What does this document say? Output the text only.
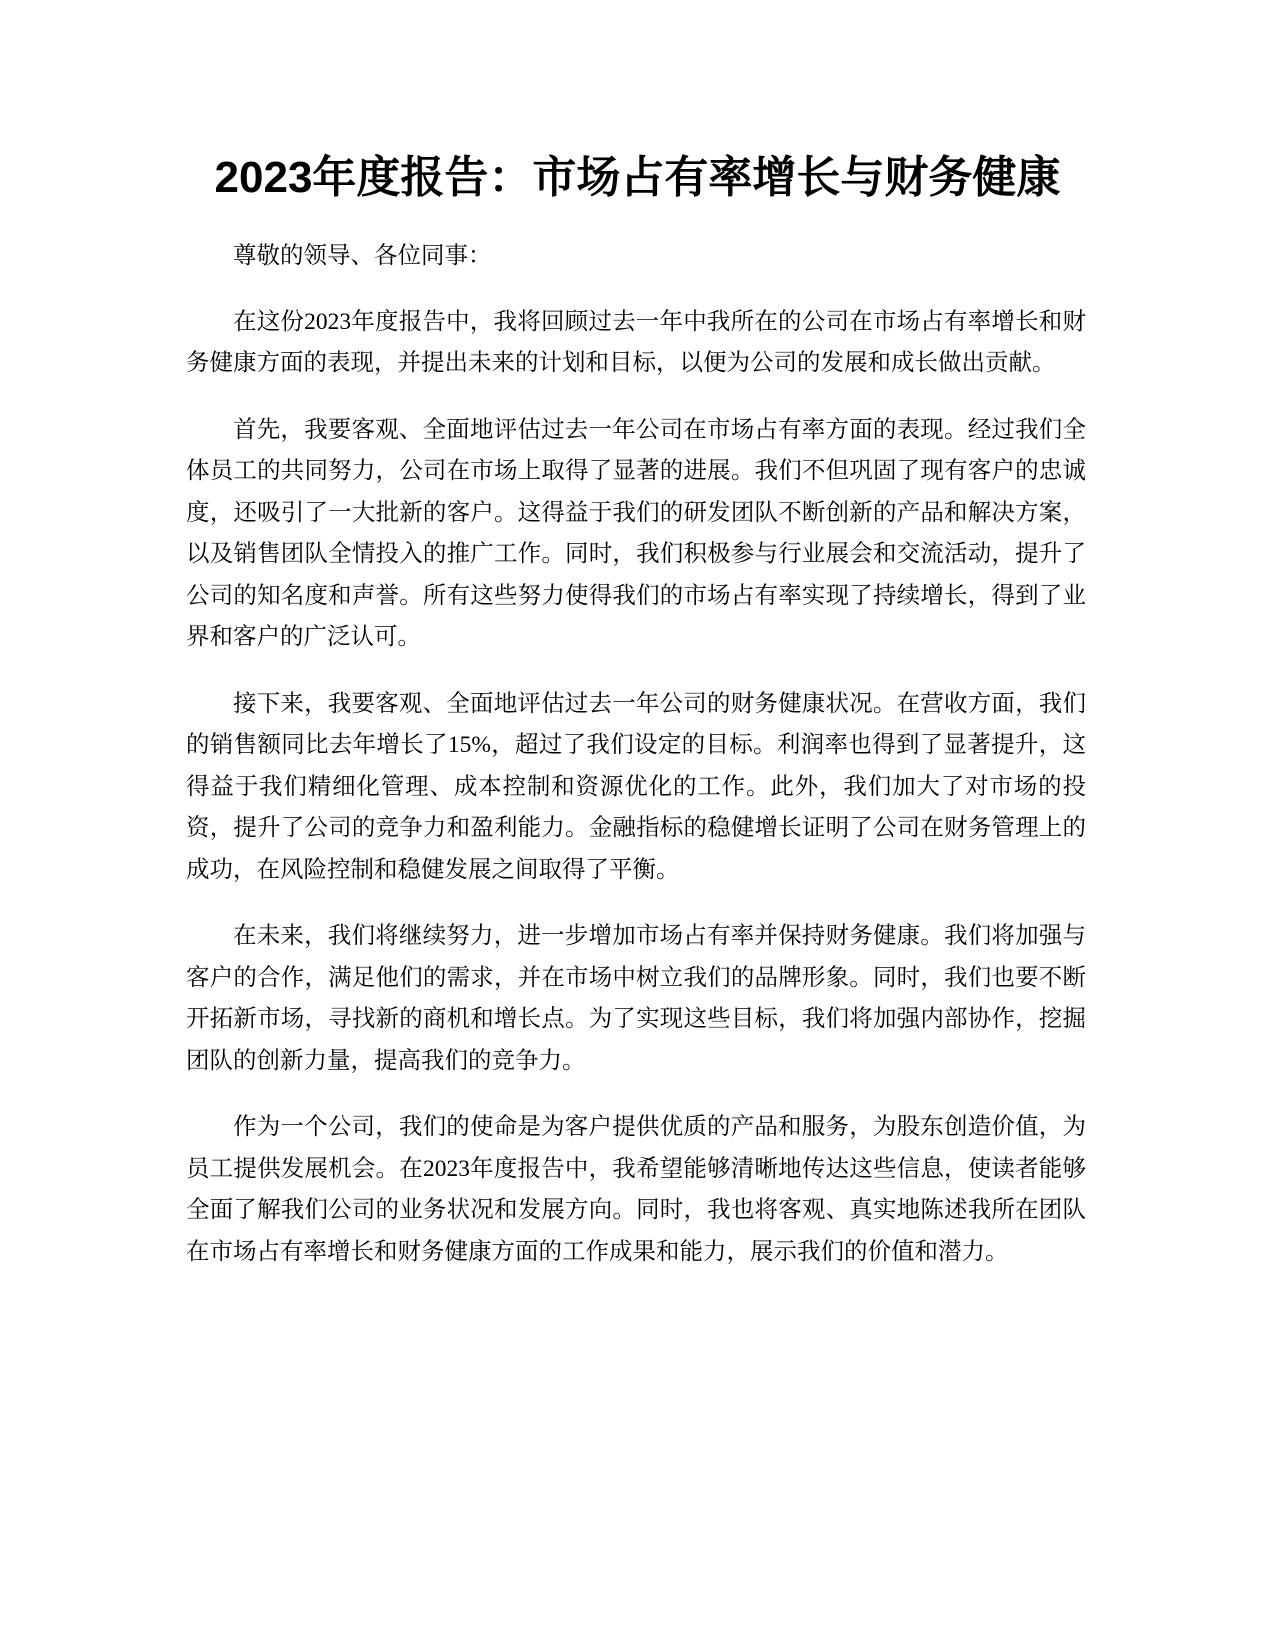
2023年度报告：市场占有率增长与财务健康

尊敬的领导、各位同事：

在这份2023年度报告中，我将回顾过去一年中我所在的公司在市场占有率增长和财务健康方面的表现，并提出未来的计划和目标，以便为公司的发展和成长做出贡献。

首先，我要客观、全面地评估过去一年公司在市场占有率方面的表现。经过我们全体员工的共同努力，公司在市场上取得了显著的进展。我们不但巩固了现有客户的忠诚度，还吸引了一大批新的客户。这得益于我们的研发团队不断创新的产品和解决方案，以及销售团队全情投入的推广工作。同时，我们积极参与行业展会和交流活动，提升了公司的知名度和声誉。所有这些努力使得我们的市场占有率实现了持续增长，得到了业界和客户的广泛认可。

接下来，我要客观、全面地评估过去一年公司的财务健康状况。在营收方面，我们的销售额同比去年增长了15%，超过了我们设定的目标。利润率也得到了显著提升，这得益于我们精细化管理、成本控制和资源优化的工作。此外，我们加大了对市场的投资，提升了公司的竞争力和盈利能力。金融指标的稳健增长证明了公司在财务管理上的成功，在风险控制和稳健发展之间取得了平衡。

在未来，我们将继续努力，进一步增加市场占有率并保持财务健康。我们将加强与客户的合作，满足他们的需求，并在市场中树立我们的品牌形象。同时，我们也要不断开拓新市场，寻找新的商机和增长点。为了实现这些目标，我们将加强内部协作，挖掘团队的创新力量，提高我们的竞争力。

作为一个公司，我们的使命是为客户提供优质的产品和服务，为股东创造价值，为员工提供发展机会。在2023年度报告中，我希望能够清晰地传达这些信息，使读者能够全面了解我们公司的业务状况和发展方向。同时，我也将客观、真实地陈述我所在团队在市场占有率增长和财务健康方面的工作成果和能力，展示我们的价值和潜力。
